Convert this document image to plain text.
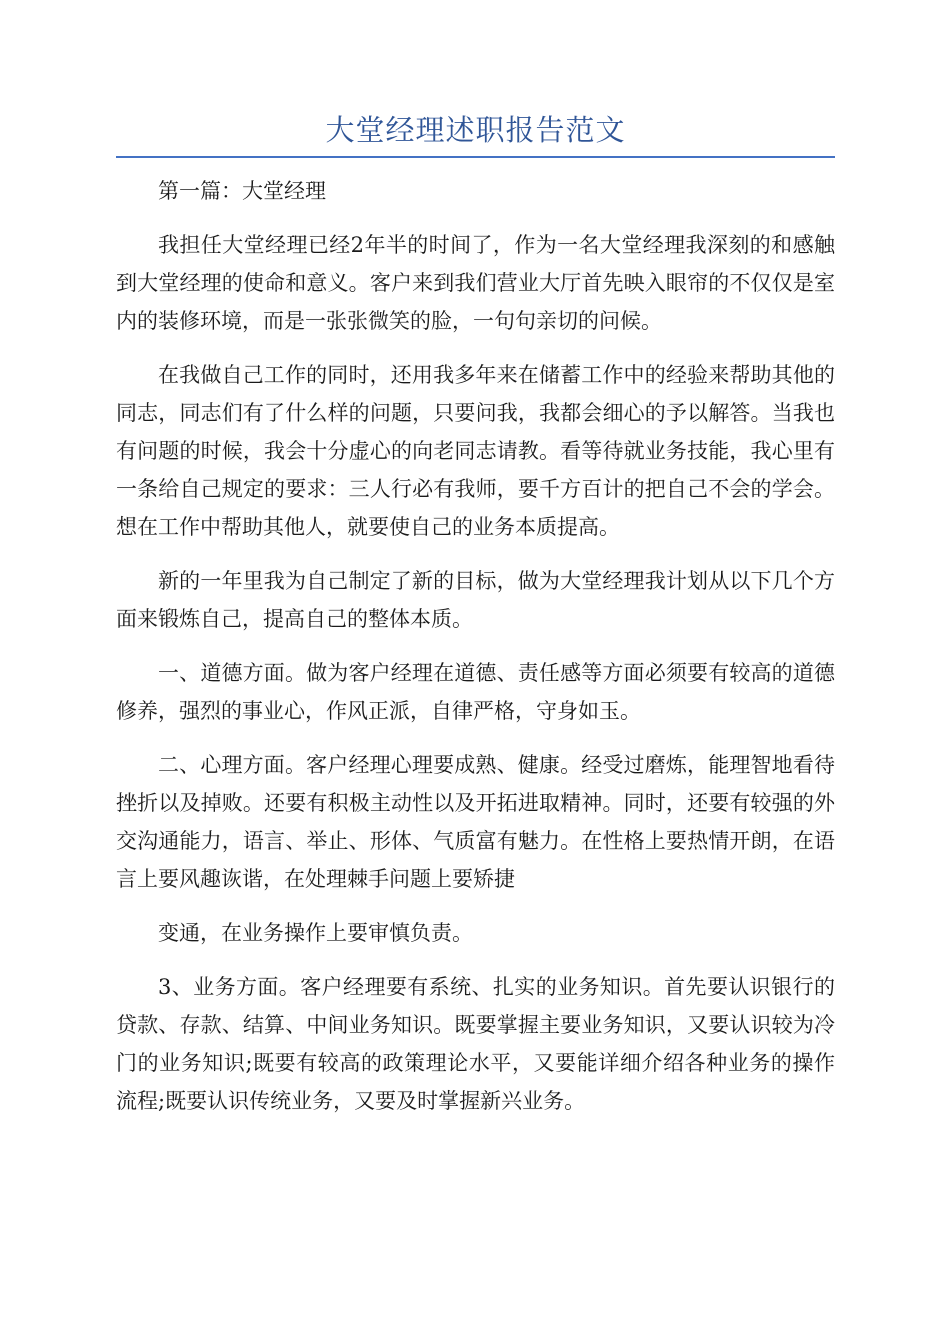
大堂经理述职报告范文

第一篇：大堂经理

我担任大堂经理已经2年半的时间了，作为一名大堂经理我深刻的和感触到大堂经理的使命和意义。客户来到我们营业大厅首先映入眼帘的不仅仅是室内的装修环境，而是一张张微笑的脸，一句句亲切的问候。

在我做自己工作的同时，还用我多年来在储蓄工作中的经验来帮助其他的同志，同志们有了什么样的问题，只要问我，我都会细心的予以解答。当我也有问题的时候，我会十分虚心的向老同志请教。看等待就业务技能，我心里有一条给自己规定的要求：三人行必有我师，要千方百计的把自己不会的学会。想在工作中帮助其他人，就要使自己的业务本质提高。

新的一年里我为自己制定了新的目标，做为大堂经理我计划从以下几个方面来锻炼自己，提高自己的整体本质。

一、道德方面。做为客户经理在道德、责任感等方面必须要有较高的道德修养，强烈的事业心，作风正派，自律严格，守身如玉。

二、心理方面。客户经理心理要成熟、健康。经受过磨炼，能理智地看待挫折以及掉败。还要有积极主动性以及开拓进取精神。同时，还要有较强的外交沟通能力，语言、举止、形体、气质富有魅力。在性格上要热情开朗，在语言上要风趣诙谐，在处理棘手问题上要矫捷

变通，在业务操作上要审慎负责。

3、业务方面。客户经理要有系统、扎实的业务知识。首先要认识银行的贷款、存款、结算、中间业务知识。既要掌握主要业务知识，又要认识较为冷门的业务知识;既要有较高的政策理论水平，又要能详细介绍各种业务的操作流程;既要认识传统业务，又要及时掌握新兴业务。
